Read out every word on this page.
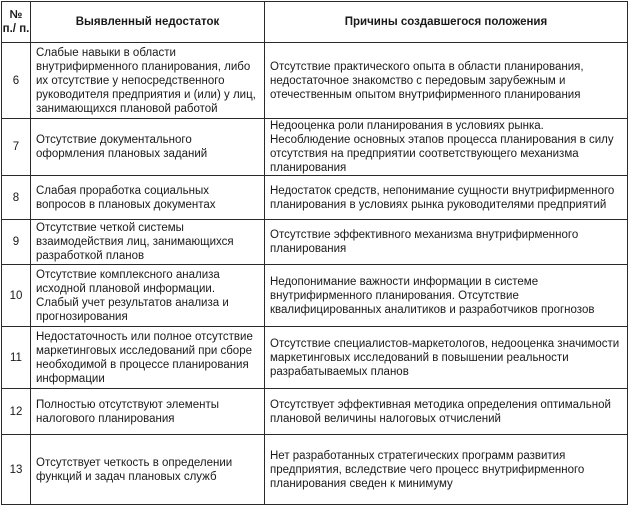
№ п./ п.	Выявленный недостаток	Причины создавшегося положения
6	Слабые навыки в области внутрифирменного планирования, либо их отсутствие у непосредственного руководителя предприятия и (или) у лиц, занимающихся плановой работой	Отсутствие практического опыта в области планирования, недостаточное знакомство с передовым зарубежным и отечественным опытом внутрифирменного планирования
7	Отсутствие документального оформления плановых заданий	Недооценка роли планирования в условиях рынка. Несоблюдение основных этапов процесса планирования в силу отсутствия на предприятии соответствующего механизма планирования
8	Слабая проработка социальных вопросов в плановых документах	Недостаток средств, непонимание сущности внутрифирменного планирования в условиях рынка руководителями предприятий
9	Отсутствие четкой системы взаимодействия лиц, занимающихся разработкой планов	Отсутствие эффективного механизма внутрифирменного планирования
10	Отсутствие комплексного анализа исходной плановой информации. Слабый учет результатов анализа и прогнозирования	Недопонимание важности информации в системе внутрифирменного планирования. Отсутствие квалифицированных аналитиков и разработчиков прогнозов
11	Недостаточность или полное отсутствие маркетинговых исследований при сборе необходимой в процессе планирования информации	Отсутствие специалистов-маркетологов, недооценка значимости маркетинговых исследований в повышении реальности разрабатываемых планов
12	Полностью отсутствуют элементы налогового планирования	Отсутствует эффективная методика определения оптимальной плановой величины налоговых отчислений
13	Отсутствует четкость в определении функций и задач плановых служб	Нет разработанных стратегических программ развития предприятия, вследствие чего процесс внутрифирменного планирования сведен к минимуму
